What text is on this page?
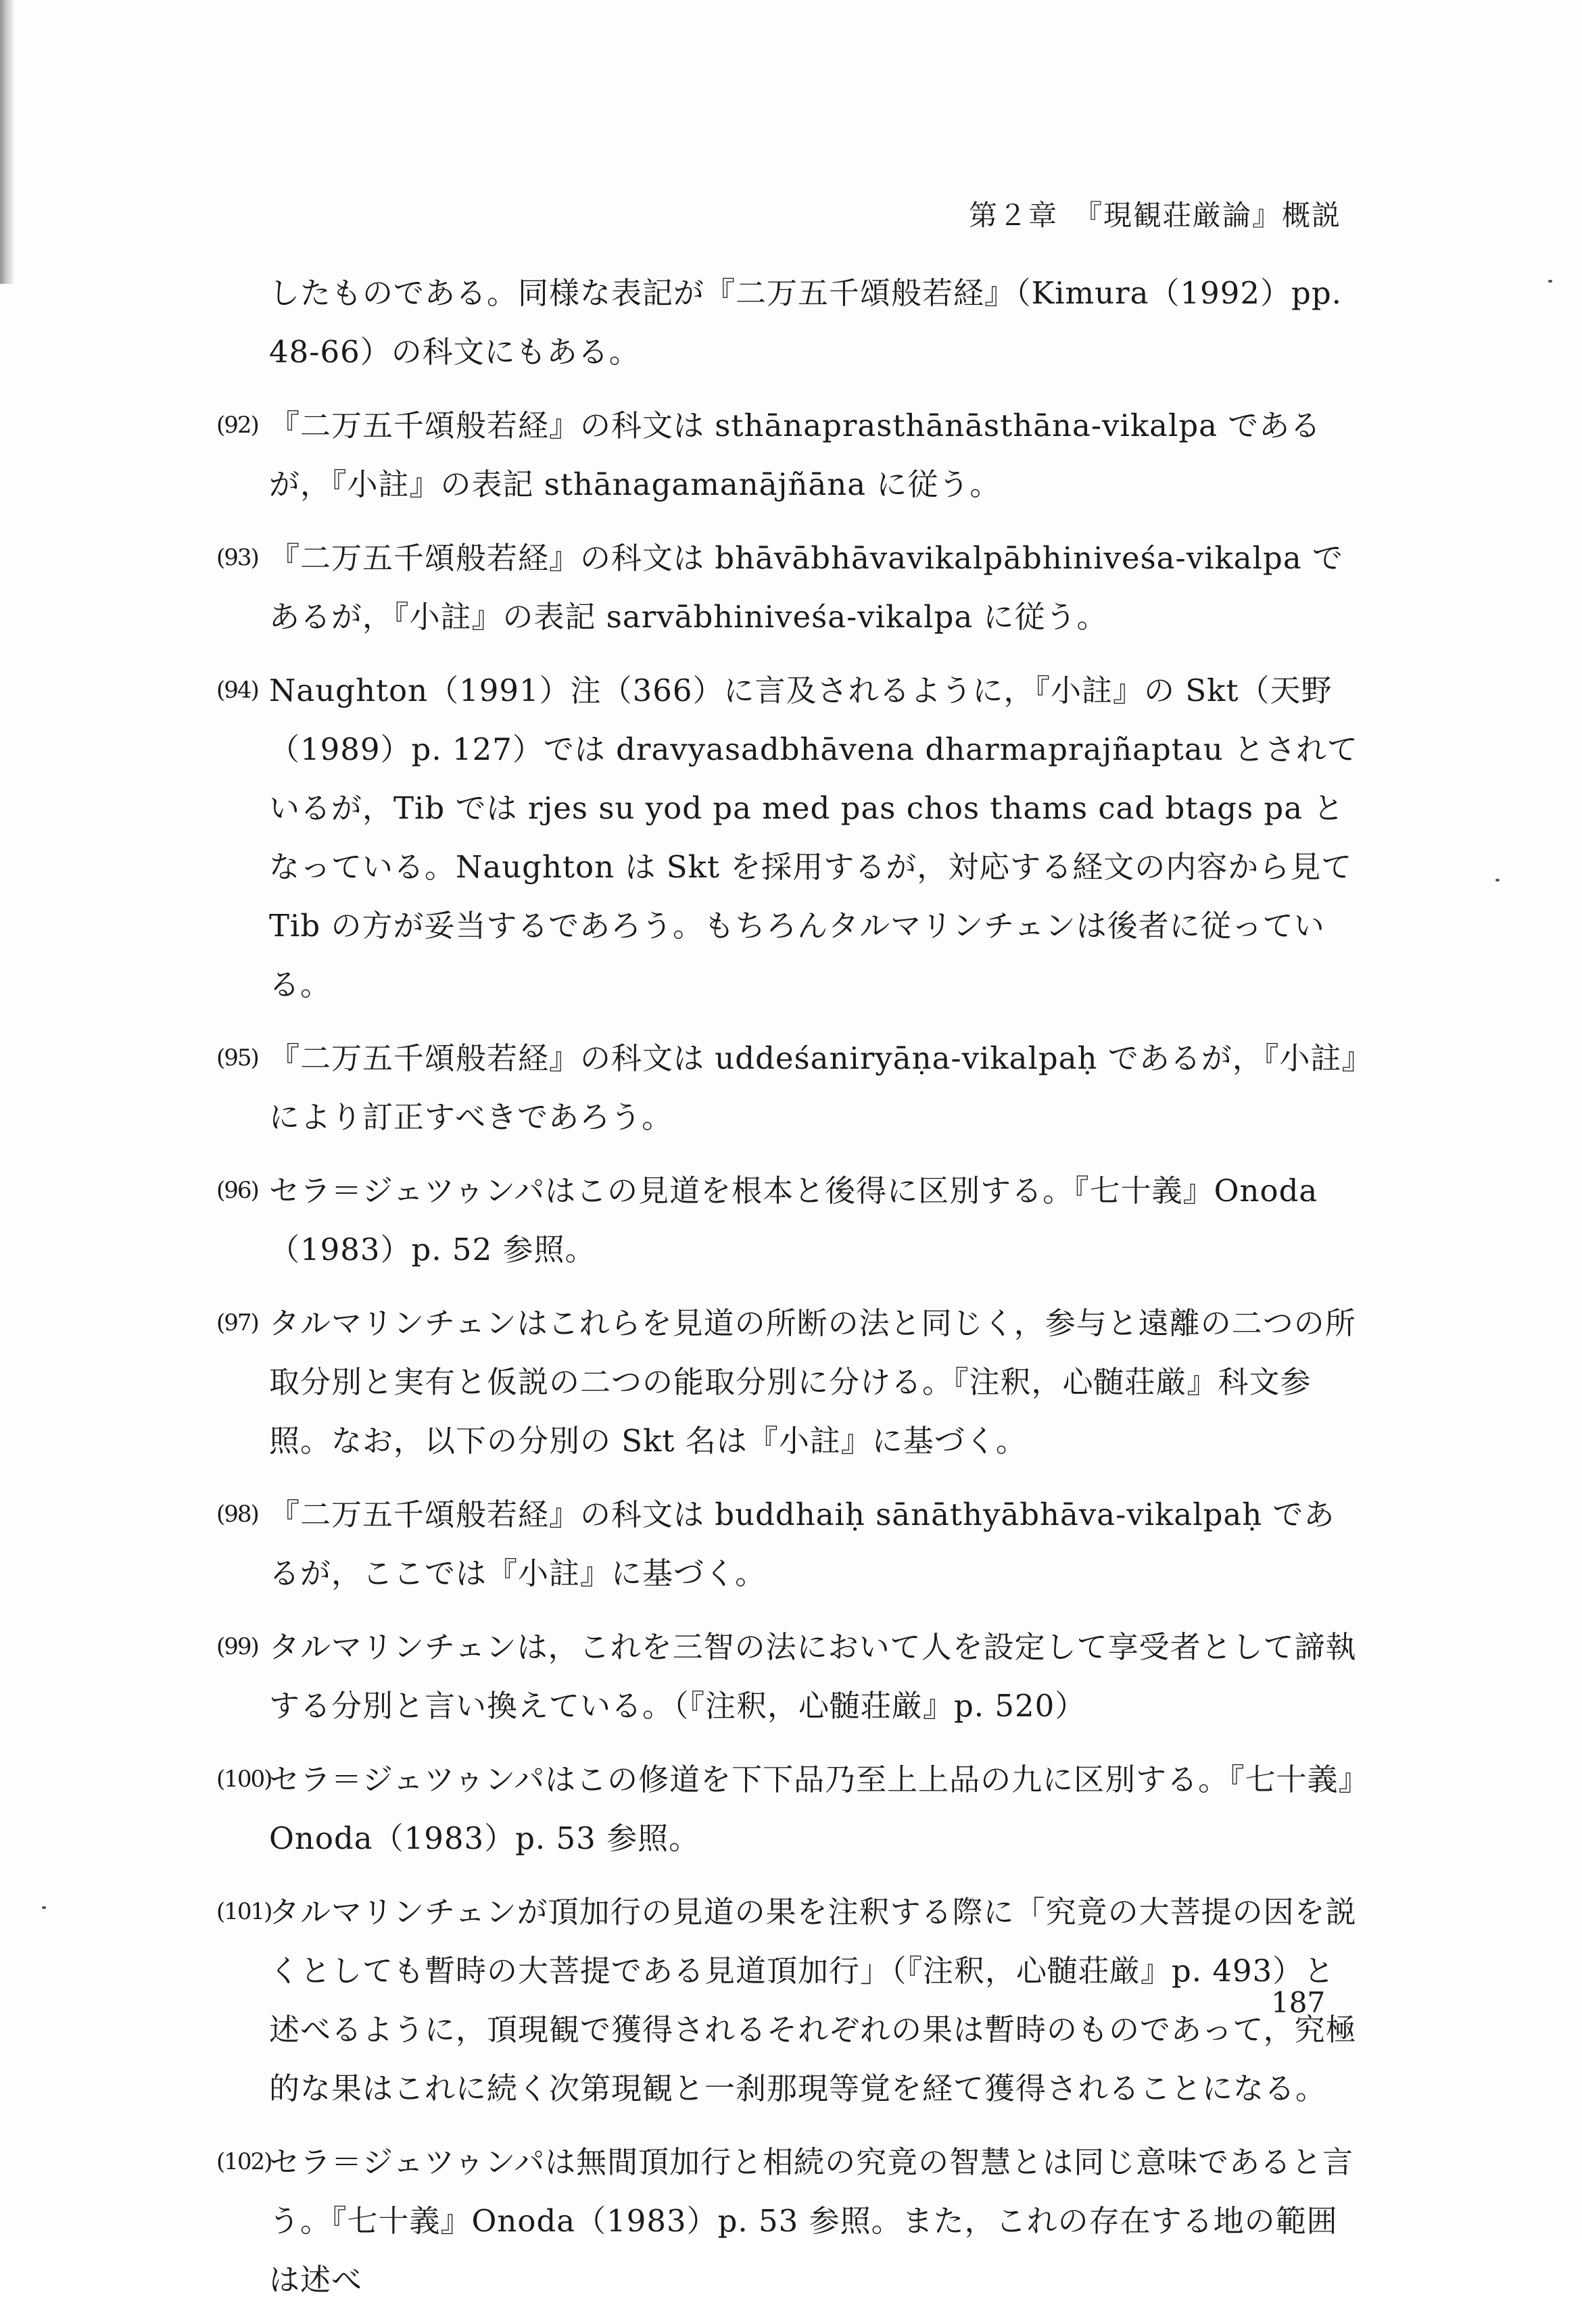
第２章　『現観荘厳論』概説

したものである。同様な表記が『二万五千頌般若経』（Kimura（1992）pp. 48-66）の科文にもある。

(92) 『二万五千頌般若経』の科文は sthānaprasthānāsthāna-vikalpa であるが，『小註』の表記 sthānagamanājñāna に従う。
(93) 『二万五千頌般若経』の科文は bhāvābhāvavikalpābhiniveśa-vikalpa であるが，『小註』の表記 sarvābhiniveśa-vikalpa に従う。
(94) Naughton（1991）注（366）に言及されるように，『小註』の Skt（天野（1989）p. 127）では dravyasadbhāvena dharmaprajñaptau とされているが，Tib では rjes su yod pa med pas chos thams cad btags pa となっている。Naughton は Skt を採用するが，対応する経文の内容から見て Tib の方が妥当するであろう。もちろんタルマリンチェンは後者に従っている。
(95) 『二万五千頌般若経』の科文は uddeśaniryāṇa-vikalpaḥ であるが，『小註』により訂正すべきであろう。
(96) セラ＝ジェツゥンパはこの見道を根本と後得に区別する。『七十義』Onoda（1983）p. 52 参照。
(97) タルマリンチェンはこれらを見道の所断の法と同じく，参与と遠離の二つの所取分別と実有と仮説の二つの能取分別に分ける。『注釈，心髄荘厳』科文参照。なお，以下の分別の Skt 名は『小註』に基づく。
(98) 『二万五千頌般若経』の科文は buddhaiḥ sānāthyābhāva-vikalpaḥ であるが，ここでは『小註』に基づく。
(99) タルマリンチェンは，これを三智の法において人を設定して享受者として諦執する分別と言い換えている。（『注釈，心髄荘厳』p. 520）
(100)
セラ＝ジェツゥンパはこの修道を下下品乃至上上品の九に区別する。『七十義』Onoda（1983）p. 53 参照。
(101)
タルマリンチェンが頂加行の見道の果を注釈する際に「究竟の大菩提の因を説くとしても暫時の大菩提である見道頂加行」（『注釈，心髄荘厳』p. 493）と述べるように，頂現観で獲得されるそれぞれの果は暫時のものであって，究極的な果はこれに続く次第現観と一刹那現等覚を経て獲得されることになる。
(102)
セラ＝ジェツゥンパは無間頂加行と相続の究竟の智慧とは同じ意味であると言う。『七十義』Onoda（1983）p. 53 参照。また，これの存在する地の範囲は述べ
187
